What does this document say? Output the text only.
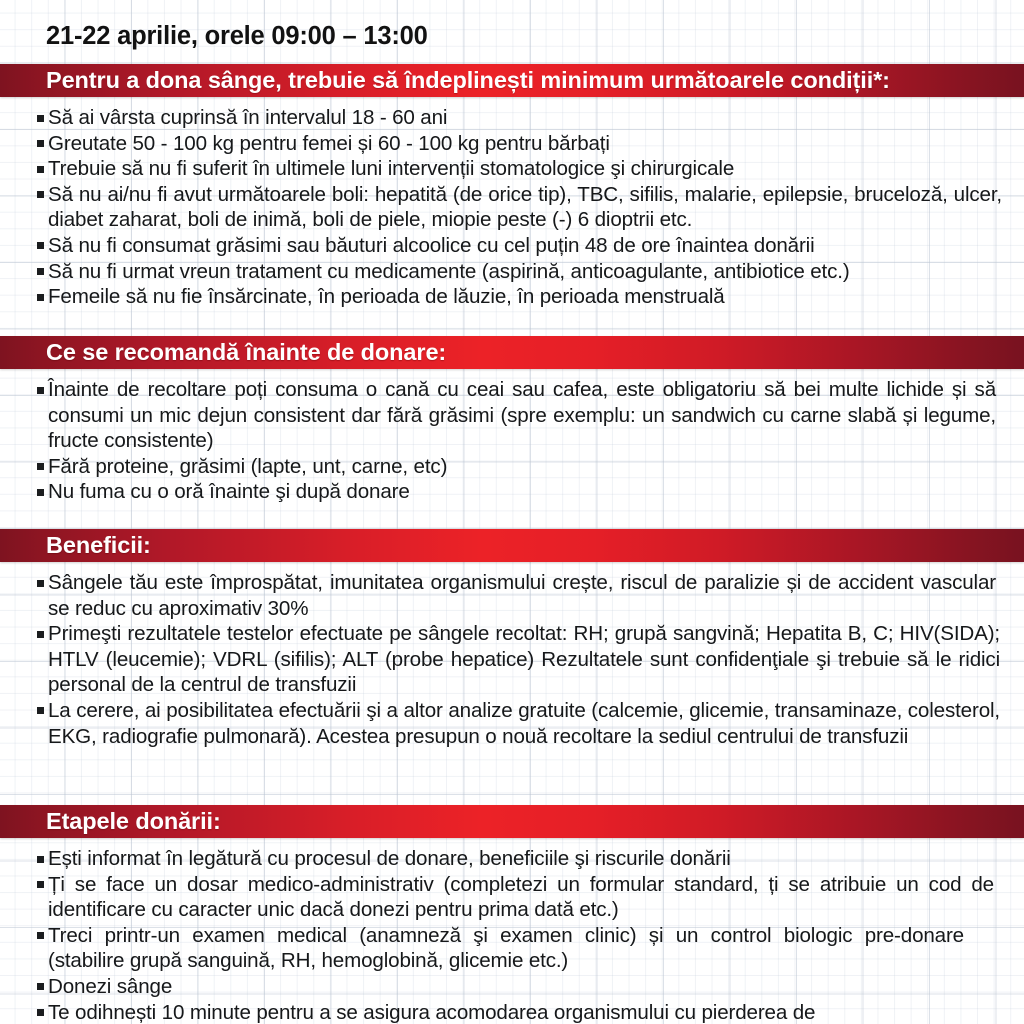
21-22 aprilie, orele 09:00 – 13:00
Pentru a dona sânge, trebuie să îndeplinești minimum următoarele condiții*:
Să ai vârsta cuprinsă în intervalul 18 - 60 ani
Greutate 50 - 100 kg pentru femei și 60 - 100 kg pentru bărbați
Trebuie să nu fi suferit în ultimele luni intervenții stomatologice şi chirurgicale
Să nu ai/nu fi avut următoarele boli: hepatită (de orice tip), TBC, sifilis, malarie, epilepsie, bruceloză, ulcer, diabet zaharat, boli de inimă, boli de piele, miopie peste (-) 6 dioptrii etc.
Să nu fi consumat grăsimi sau băuturi alcoolice cu cel puțin 48 de ore înaintea donării
Să nu fi urmat vreun tratament cu medicamente (aspirină, anticoagulante, antibiotice etc.)
Femeile să nu fie însărcinate, în perioada de lăuzie, în perioada menstruală
Ce se recomandă înainte de donare:
Înainte de recoltare poți consuma o cană cu ceai sau cafea, este obligatoriu să bei multe lichide și să consumi un mic dejun consistent dar fără grăsimi (spre exemplu: un sandwich cu carne slabă și legume, fructe consistente)
Fără proteine, grăsimi (lapte, unt, carne, etc)
Nu fuma cu o oră înainte şi după donare
Beneficii:
Sângele tău este împrospătat, imunitatea organismului crește, riscul de paralizie și de accident vascular se reduc cu aproximativ 30%
Primeşti rezultatele testelor efectuate pe sângele recoltat: RH; grupă sangvină; Hepatita B, C; HIV(SIDA); HTLV (leucemie); VDRL (sifilis); ALT (probe hepatice) Rezultatele sunt confidenţiale şi trebuie să le ridici personal de la centrul de transfuzii
La cerere, ai posibilitatea efectuării şi a altor analize gratuite (calcemie, glicemie, transaminaze, colesterol, EKG, radiografie pulmonară). Acestea presupun o nouă recoltare la sediul centrului de transfuzii
Etapele donării:
Ești informat în legătură cu procesul de donare, beneficiile şi riscurile donării
Ți se face un dosar medico-administrativ (completezi un formular standard, ți se atribuie un cod de identificare cu caracter unic dacă donezi pentru prima dată etc.)
Treci printr-un examen medical (anamneză şi examen clinic) și un control biologic pre-donare (stabilire grupă sanguină, RH, hemoglobină, glicemie etc.)
Donezi sânge
Te odihnești 10 minute pentru a se asigura acomodarea organismului cu pierderea de
